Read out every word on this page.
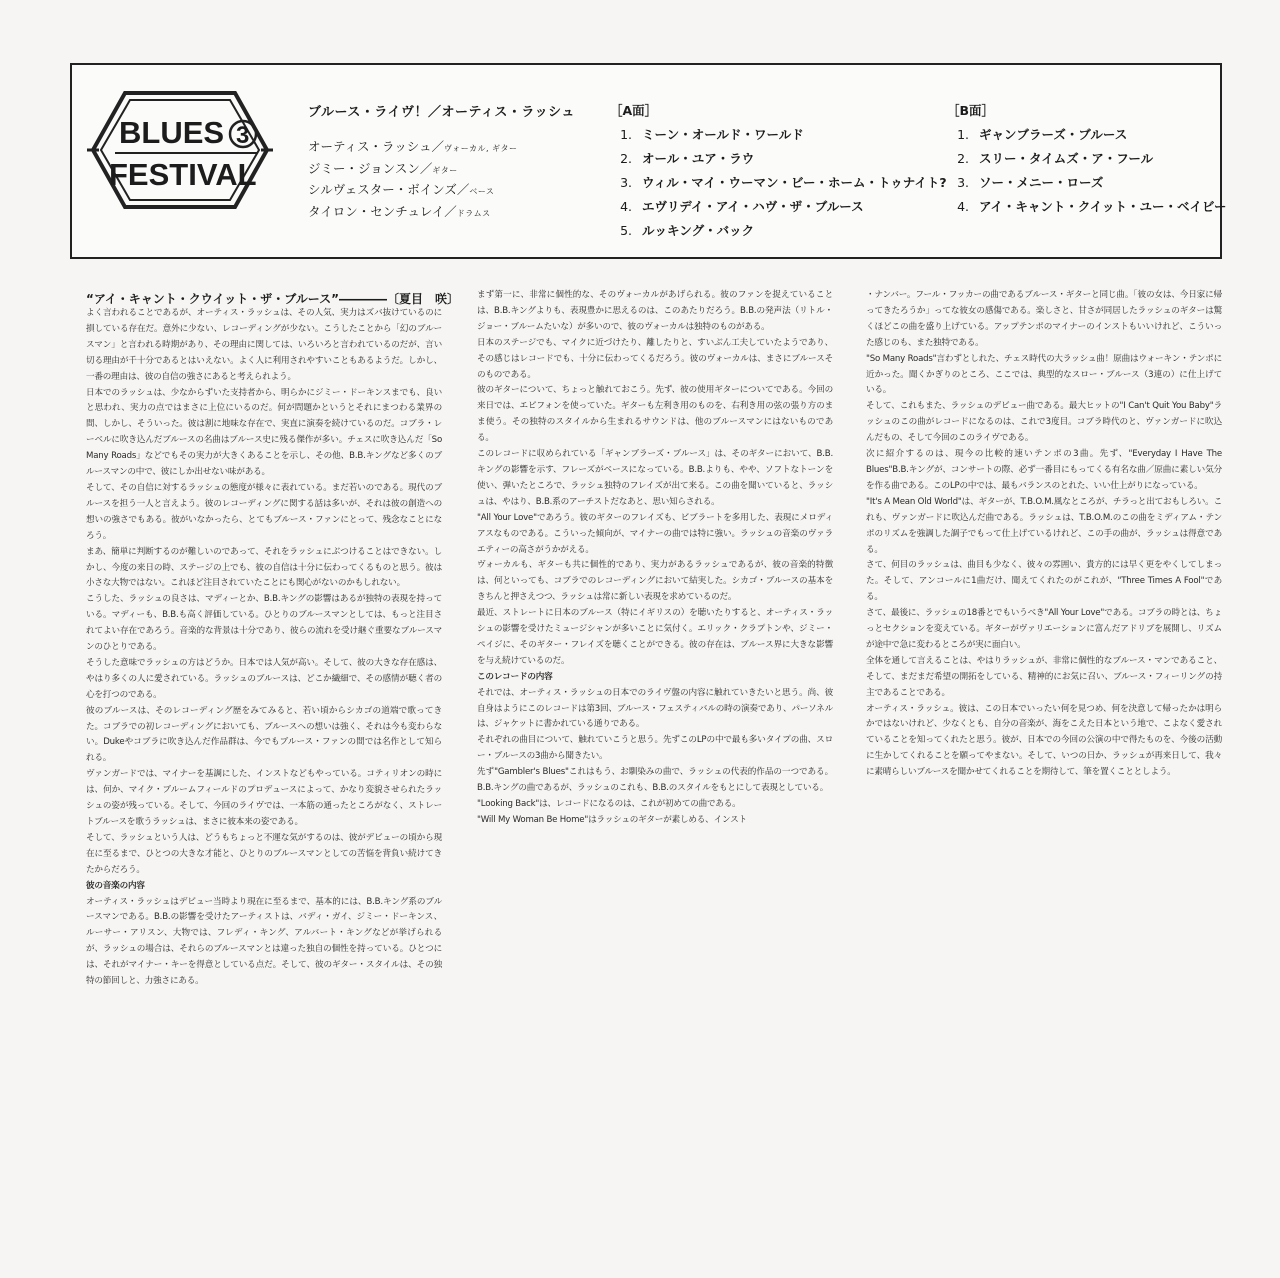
BLUES 3
FESTIVAL
ブルース・ライヴ！／オーティス・ラッシュ
オーティス・ラッシュ／ヴォーカル, ギター
ジミー・ジョンスン／ギター
シルヴェスター・ボインズ／ベース
タイロン・センチュレイ／ドラムス
［A面］
1. ミーン・オールド・ワールド
2. オール・ユア・ラウ
3. ウィル・マイ・ウーマン・ビー・ホーム・トゥナイト?
4. エヴリデイ・アイ・ハヴ・ザ・ブルース
5. ルッキング・バック
［B面］
1. ギャンブラーズ・ブルース
2. スリー・タイムズ・ア・フール
3. ソー・メニー・ローズ
4. アイ・キャント・クイット・ユー・ベイビー
“アイ・キャント・クウイット・ザ・ブルース”――――〔夏目　咲〕

よく言われることであるが、オーティス・ラッシュは、その人気、実力はズバ抜けているのに損している存在だ。意外に少ない、レコーディングが少ない。こうしたことから「幻のブルースマン」と言われる時期があり、その理由に関しては、いろいろと言われているのだが、言い切る理由が千十分であるとはいえない。よく人に利用されやすいこともあるようだ。しかし、一番の理由は、彼の自信の強さにあると考えられよう。

日本でのラッシュは、少なからずいた支持者から、明らかにジミー・ドーキンスまでも、良いと思われ、実力の点ではまさに上位にいるのだ。何が問題かというとそれにまつわる業界の間、しかし、そういった。彼は割に地味な存在で、実直に演奏を続けているのだ。コブラ・レーベルに吹き込んだブルースの名曲はブルース史に残る傑作が多い。チェスに吹き込んだ「So Many Roads」などでもその実力が大きくあることを示し、その他、B.B.キングなど多くのブルースマンの中で、彼にしか出せない味がある。

そして、その自信に対するラッシュの態度が様々に表れている。まだ若いのである。現代のブルースを担う一人と言えよう。彼のレコーディングに関する話は多いが、それは彼の創造への想いの強さでもある。彼がいなかったら、とてもブルース・ファンにとって、残念なことになろう。

まあ、簡単に判断するのが難しいのであって、それをラッシュにぶつけることはできない。しかし、今度の来日の時、ステージの上でも、彼の自信は十分に伝わってくるものと思う。彼は小さな大物ではない。これほど注目されていたことにも関心がないのかもしれない。

こうした、ラッシュの良さは、マディーとか、B.B.キングの影響はあるが独特の表現を持っている。マディーも、B.B.も高く評価している。ひとりのブルースマンとしては、もっと注目されてよい存在であろう。音楽的な背景は十分であり、彼らの流れを受け継ぐ重要なブルースマンのひとりである。

そうした意味でラッシュの方はどうか。日本では人気が高い。そして、彼の大きな存在感は、やはり多くの人に愛されている。ラッシュのブルースは、どこか繊細で、その感情が聴く者の心を打つのである。

彼のブルースは、そのレコーディング歴をみてみると、若い頃からシカゴの道端で歌ってきた。コブラでの初レコーディングにおいても、ブルースへの想いは強く、それは今も変わらない。Dukeやコブラに吹き込んだ作品群は、今でもブルース・ファンの間では名作として知られる。

ヴァンガードでは、マイナーを基調にした、インストなどもやっている。コティリオンの時には、何か、マイク・ブルームフィールドのプロデュースによって、かなり変貌させられたラッシュの姿が残っている。そして、今回のライヴでは、一本筋の通ったところがなく、ストレートブルースを歌うラッシュは、まさに彼本来の姿である。

そして、ラッシュという人は、どうもちょっと不運な気がするのは、彼がデビューの頃から現在に至るまで、ひとつの大きな才能と、ひとりのブルースマンとしての苦悩を背負い続けてきたからだろう。

彼の音楽の内容

オーティス・ラッシュはデビュー当時より現在に至るまで、基本的には、B.B.キング系のブルースマンである。B.B.の影響を受けたアーティストは、バディ・ガイ、ジミー・ドーキンス、ルーサー・アリスン、大物では、フレディ・キング、アルバート・キングなどが挙げられるが、ラッシュの場合は、それらのブルースマンとは違った独自の個性を持っている。ひとつには、それがマイナー・キーを得意としている点だ。そして、彼のギター・スタイルは、その独特の節回しと、力強さにある。

まず第一に、非常に個性的な、そのヴォーカルがあげられる。彼のファンを捉えていることは、B.B.キングよりも、表現豊かに思えるのは、このあたりだろう。B.B.の発声法（リトル・ジョー・ブルームたいな）が多いので、彼のヴォーカルは独特のものがある。

日本のステージでも、マイクに近づけたり、離したりと、すいぶん工夫していたようであり、その感じはレコードでも、十分に伝わってくるだろう。彼のヴォーカルは、まさにブルースそのものである。

彼のギターについて、ちょっと触れておこう。先ず、彼の使用ギターについてである。今回の来日では、エピフォンを使っていた。ギターも左利き用のものを、右利き用の弦の張り方のまま使う。その独特のスタイルから生まれるサウンドは、他のブルースマンにはないものである。

このレコードに収められている「ギャンブラーズ・ブルース」は、そのギターにおいて、B.B.キングの影響を示す、フレーズがベースになっている。B.B.よりも、やや、ソフトなトーンを使い、弾いたところで、ラッシュ独特のフレイズが出て来る。この曲を聞いていると、ラッシュは、やはり、B.B.系のアーチストだなあと、思い知らされる。

"All Your Love"であろう。彼のギターのフレイズも、ビブラートを多用した、表現にメロディアスなものである。こういった傾向が、マイナーの曲では特に強い。ラッシュの音楽のヴァラエティーの高さがうかがえる。

ヴォーカルも、ギターも共に個性的であり、実力があるラッシュであるが、彼の音楽的特徴は、何といっても、コブラでのレコーディングにおいて結実した。シカゴ・ブルースの基本をきちんと押さえつつ、ラッシュは常に新しい表現を求めているのだ。

最近、ストレートに日本のブルース（特にイギリスの）を聴いたりすると、オーティス・ラッシュの影響を受けたミュージシャンが多いことに気付く。エリック・クラプトンや、ジミー・ペイジに、そのギター・フレイズを聴くことができる。彼の存在は、ブルース界に大きな影響を与え続けているのだ。

このレコードの内容

それでは、オーティス・ラッシュの日本でのライヴ盤の内容に触れていきたいと思う。尚、彼自身はようにこのレコードは第3回、ブルース・フェスティバルの時の演奏であり、パーソネルは、ジャケットに書かれている通りである。

それぞれの曲目について、触れていこうと思う。先ずこのLPの中で最も多いタイプの曲、スロー・ブルースの3曲から聞きたい。

先ず"Gambler's Blues"これはもう、お馴染みの曲で、ラッシュの代表的作品の一つである。B.B.キングの曲であるが、ラッシュのこれも、B.B.のスタイルをもとにして表現としている。

"Looking Back"は、レコードになるのは、これが初めての曲である。

"Will My Woman Be Home"はラッシュのギターが素しめる、インスト

・ナンバー。フール・フッカーの曲であるブルース・ギターと同じ曲。「彼の女は、今日家に帰ってきたろうか」ってな彼女の感傷である。楽しさと、甘さが同居したラッシュのギターは驚くほどこの曲を盛り上げている。アップテンポのマイナーのインストもいいけれど、こういった感じのも、また独特である。

"So Many Roads"言わずとしれた、チェス時代の大ラッシュ曲！原曲はウォーキン・テンポに近かった。聞くかぎりのところ、ここでは、典型的なスロー・ブルース（3連の）に仕上げている。

そして、これもまた、ラッシュのデビュー曲である。最大ヒットの"I Can't Quit You Baby"ラッシュのこの曲がレコードになるのは、これで3度目。コブラ時代のと、ヴァンガードに吹込んだもの、そして今回のこのライヴである。

次に紹介するのは、現今の比較的速いテンポの3曲。先ず、"Everyday I Have The Blues"B.B.キングが、コンサートの際、必ず一番目にもってくる有名な曲／原曲に素しい気分を作る曲である。このLPの中では、最もバランスのとれた、いい仕上がりになっている。

"It's A Mean Old World"は、ギターが、T.B.O.M.風なところが、チラっと出ておもしろい。これも、ヴァンガードに吹込んだ曲である。ラッシュは、T.B.O.M.のこの曲をミディアム・テンポのリズムを強調した調子でもって仕上げているけれど、この手の曲が、ラッシュは得意である。

さて、何目のラッシュは、曲目も少なく、彼々の雰囲い、貴方的には早く更をやくしてしまった。そして、アンコールに1曲だけ、聞えてくれたのがこれが、"Three Times A Fool"である。

さて、最後に、ラッシュの18番とでもいうべき"All Your Love"である。コブラの時とは、ちょっとセクションを変えている。ギターがヴァリエーションに富んだアドリブを展開し、リズムが途中で急に変わるところが実に面白い。

全体を通して言えることは、やはりラッシュが、非常に個性的なブルース・マンであること、そして、まだまだ希望の開拓をしている、精神的にお気に召い、ブルース・フィーリングの持主であることである。

オーティス・ラッシュ。彼は、この日本でいったい何を見つめ、何を決意して帰ったかは明らかではないけれど、少なくとも、自分の音楽が、海をこえた日本という地で、こよなく愛されていることを知ってくれたと思う。彼が、日本での今回の公演の中で得たものを、今後の活動に生かしてくれることを願ってやまない。そして、いつの日か、ラッシュが再来日して、我々に素晴らしいブルースを聞かせてくれることを期待して、筆を置くこととしよう。
